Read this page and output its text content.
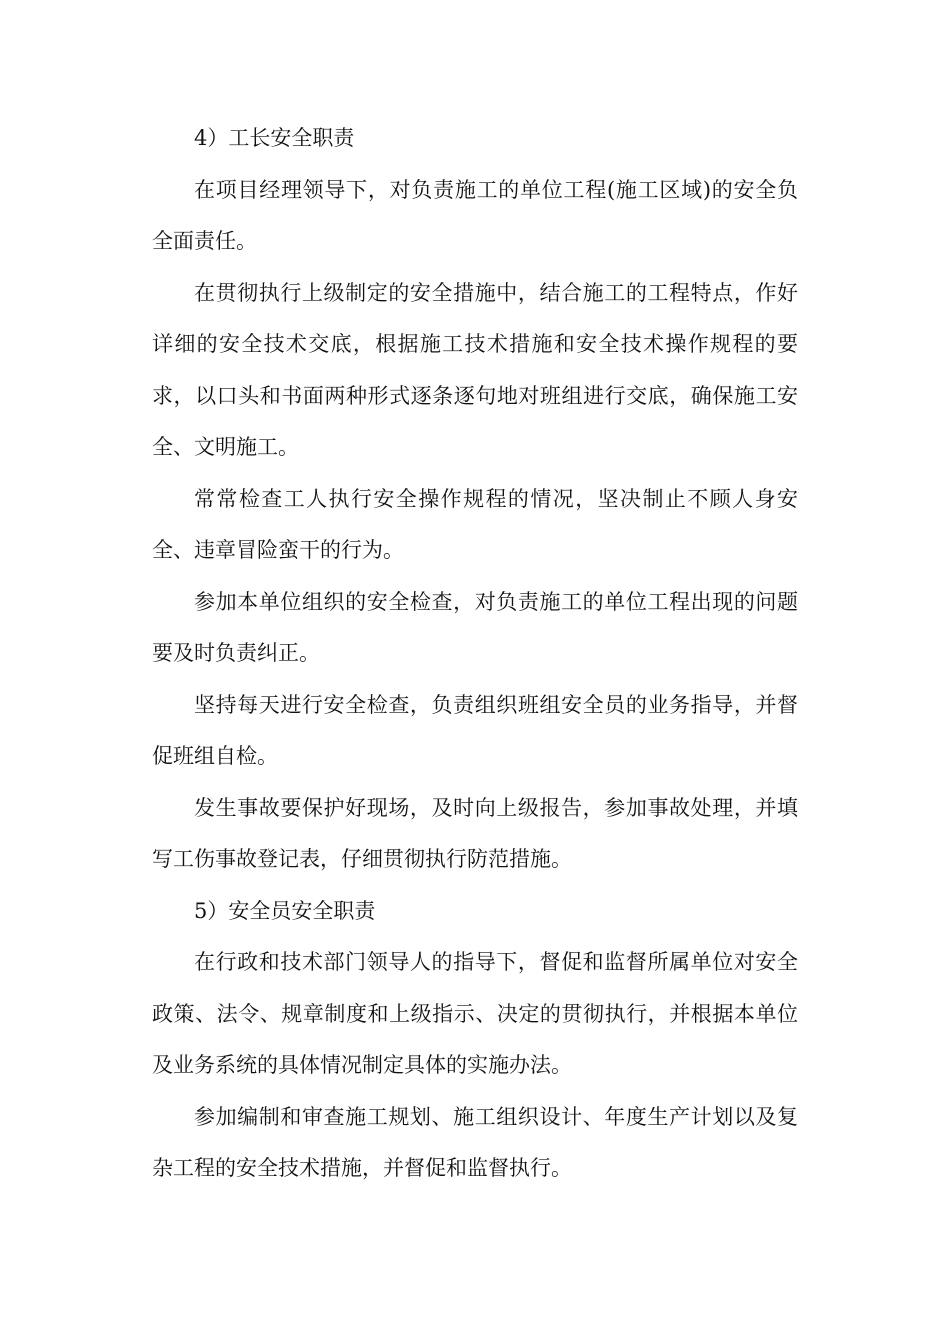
4）工长安全职责

在项目经理领导下，对负责施工的单位工程(施工区域)的安全负全面责任。

在贯彻执行上级制定的安全措施中，结合施工的工程特点，作好详细的安全技术交底，根据施工技术措施和安全技术操作规程的要求，以口头和书面两种形式逐条逐句地对班组进行交底，确保施工安全、文明施工。

常常检查工人执行安全操作规程的情况，坚决制止不顾人身安全、违章冒险蛮干的行为。

参加本单位组织的安全检查，对负责施工的单位工程出现的问题要及时负责纠正。

坚持每天进行安全检查，负责组织班组安全员的业务指导，并督促班组自检。

发生事故要保护好现场，及时向上级报告，参加事故处理，并填写工伤事故登记表，仔细贯彻执行防范措施。

5）安全员安全职责

在行政和技术部门领导人的指导下，督促和监督所属单位对安全政策、法令、规章制度和上级指示、决定的贯彻执行，并根据本单位及业务系统的具体情况制定具体的实施办法。

参加编制和审查施工规划、施工组织设计、年度生产计划以及复杂工程的安全技术措施，并督促和监督执行。
